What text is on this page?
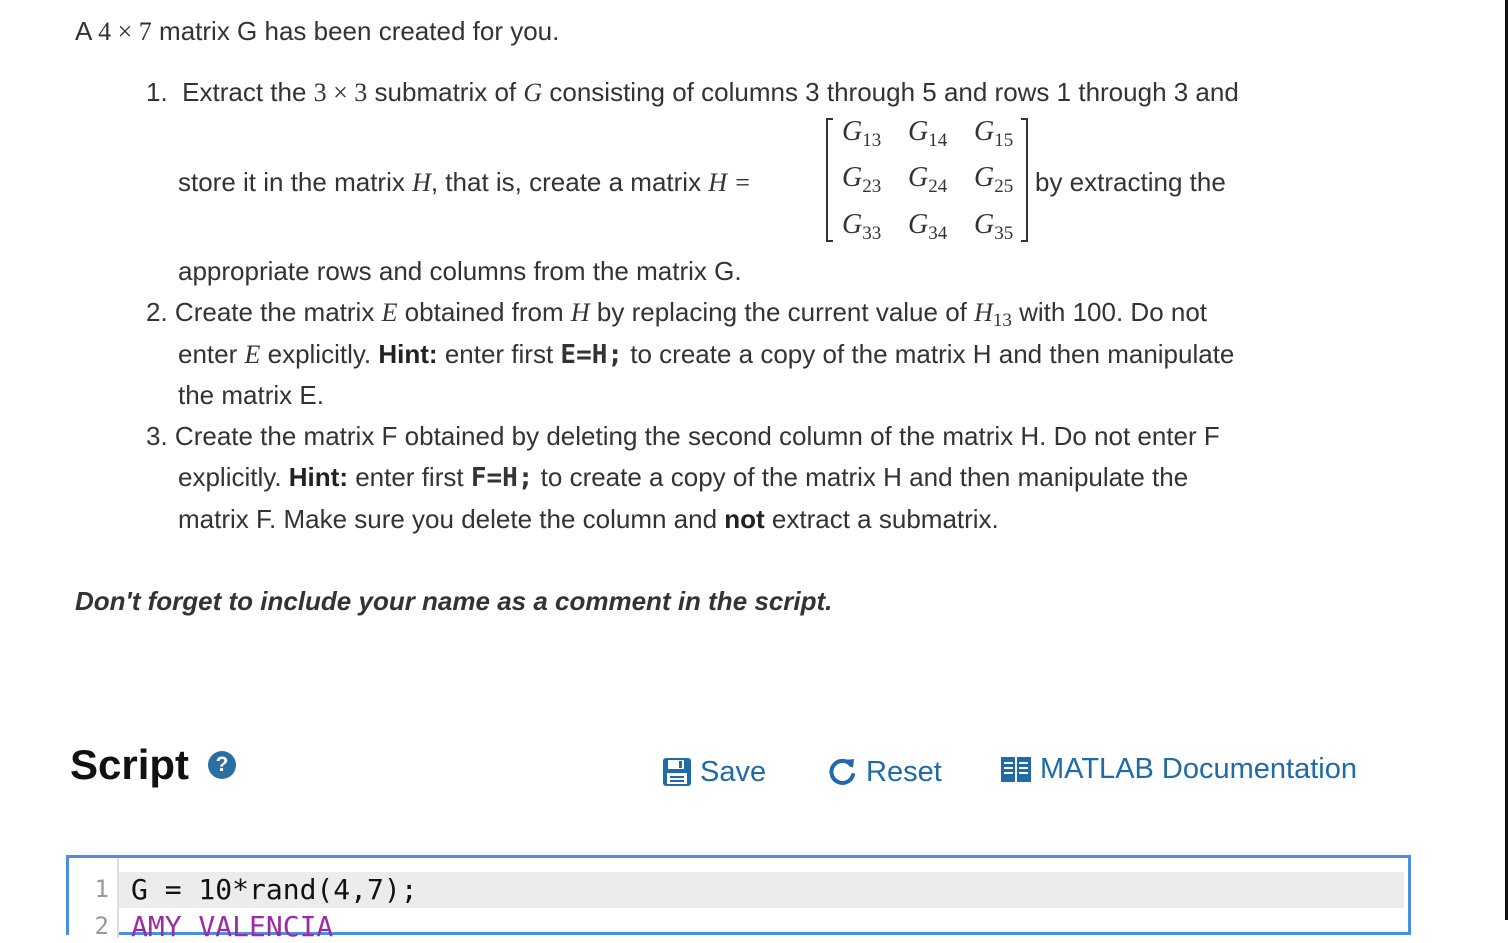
A 4 × 7 matrix G has been created for you.
1. Extract the 3 × 3 submatrix of G consisting of columns 3 through 5 and rows 1 through 3 and
store it in the matrix H, that is, create a matrix H =
$G_{13}$ $G_{14}$ $G_{15}$
$G_{23}$ $G_{24}$ $G_{25}$
$G_{33}$ $G_{34}$ $G_{35}$
by extracting the
appropriate rows and columns from the matrix G.
2. Create the matrix E obtained from H by replacing the current value of $H_{13}$ with 100. Do not
enter E explicitly. Hint: enter first E=H; to create a copy of the matrix H and then manipulate
the matrix E.
3. Create the matrix F obtained by deleting the second column of the matrix H. Do not enter F
explicitly. Hint: enter first F=H; to create a copy of the matrix H and then manipulate the
matrix F. Make sure you delete the column and not extract a submatrix.
Don't forget to include your name as a comment in the script.
Script	?	Save	Reset	MATLAB Documentation
1
2
G = 10*rand(4,7);
AMY VALENCIA
